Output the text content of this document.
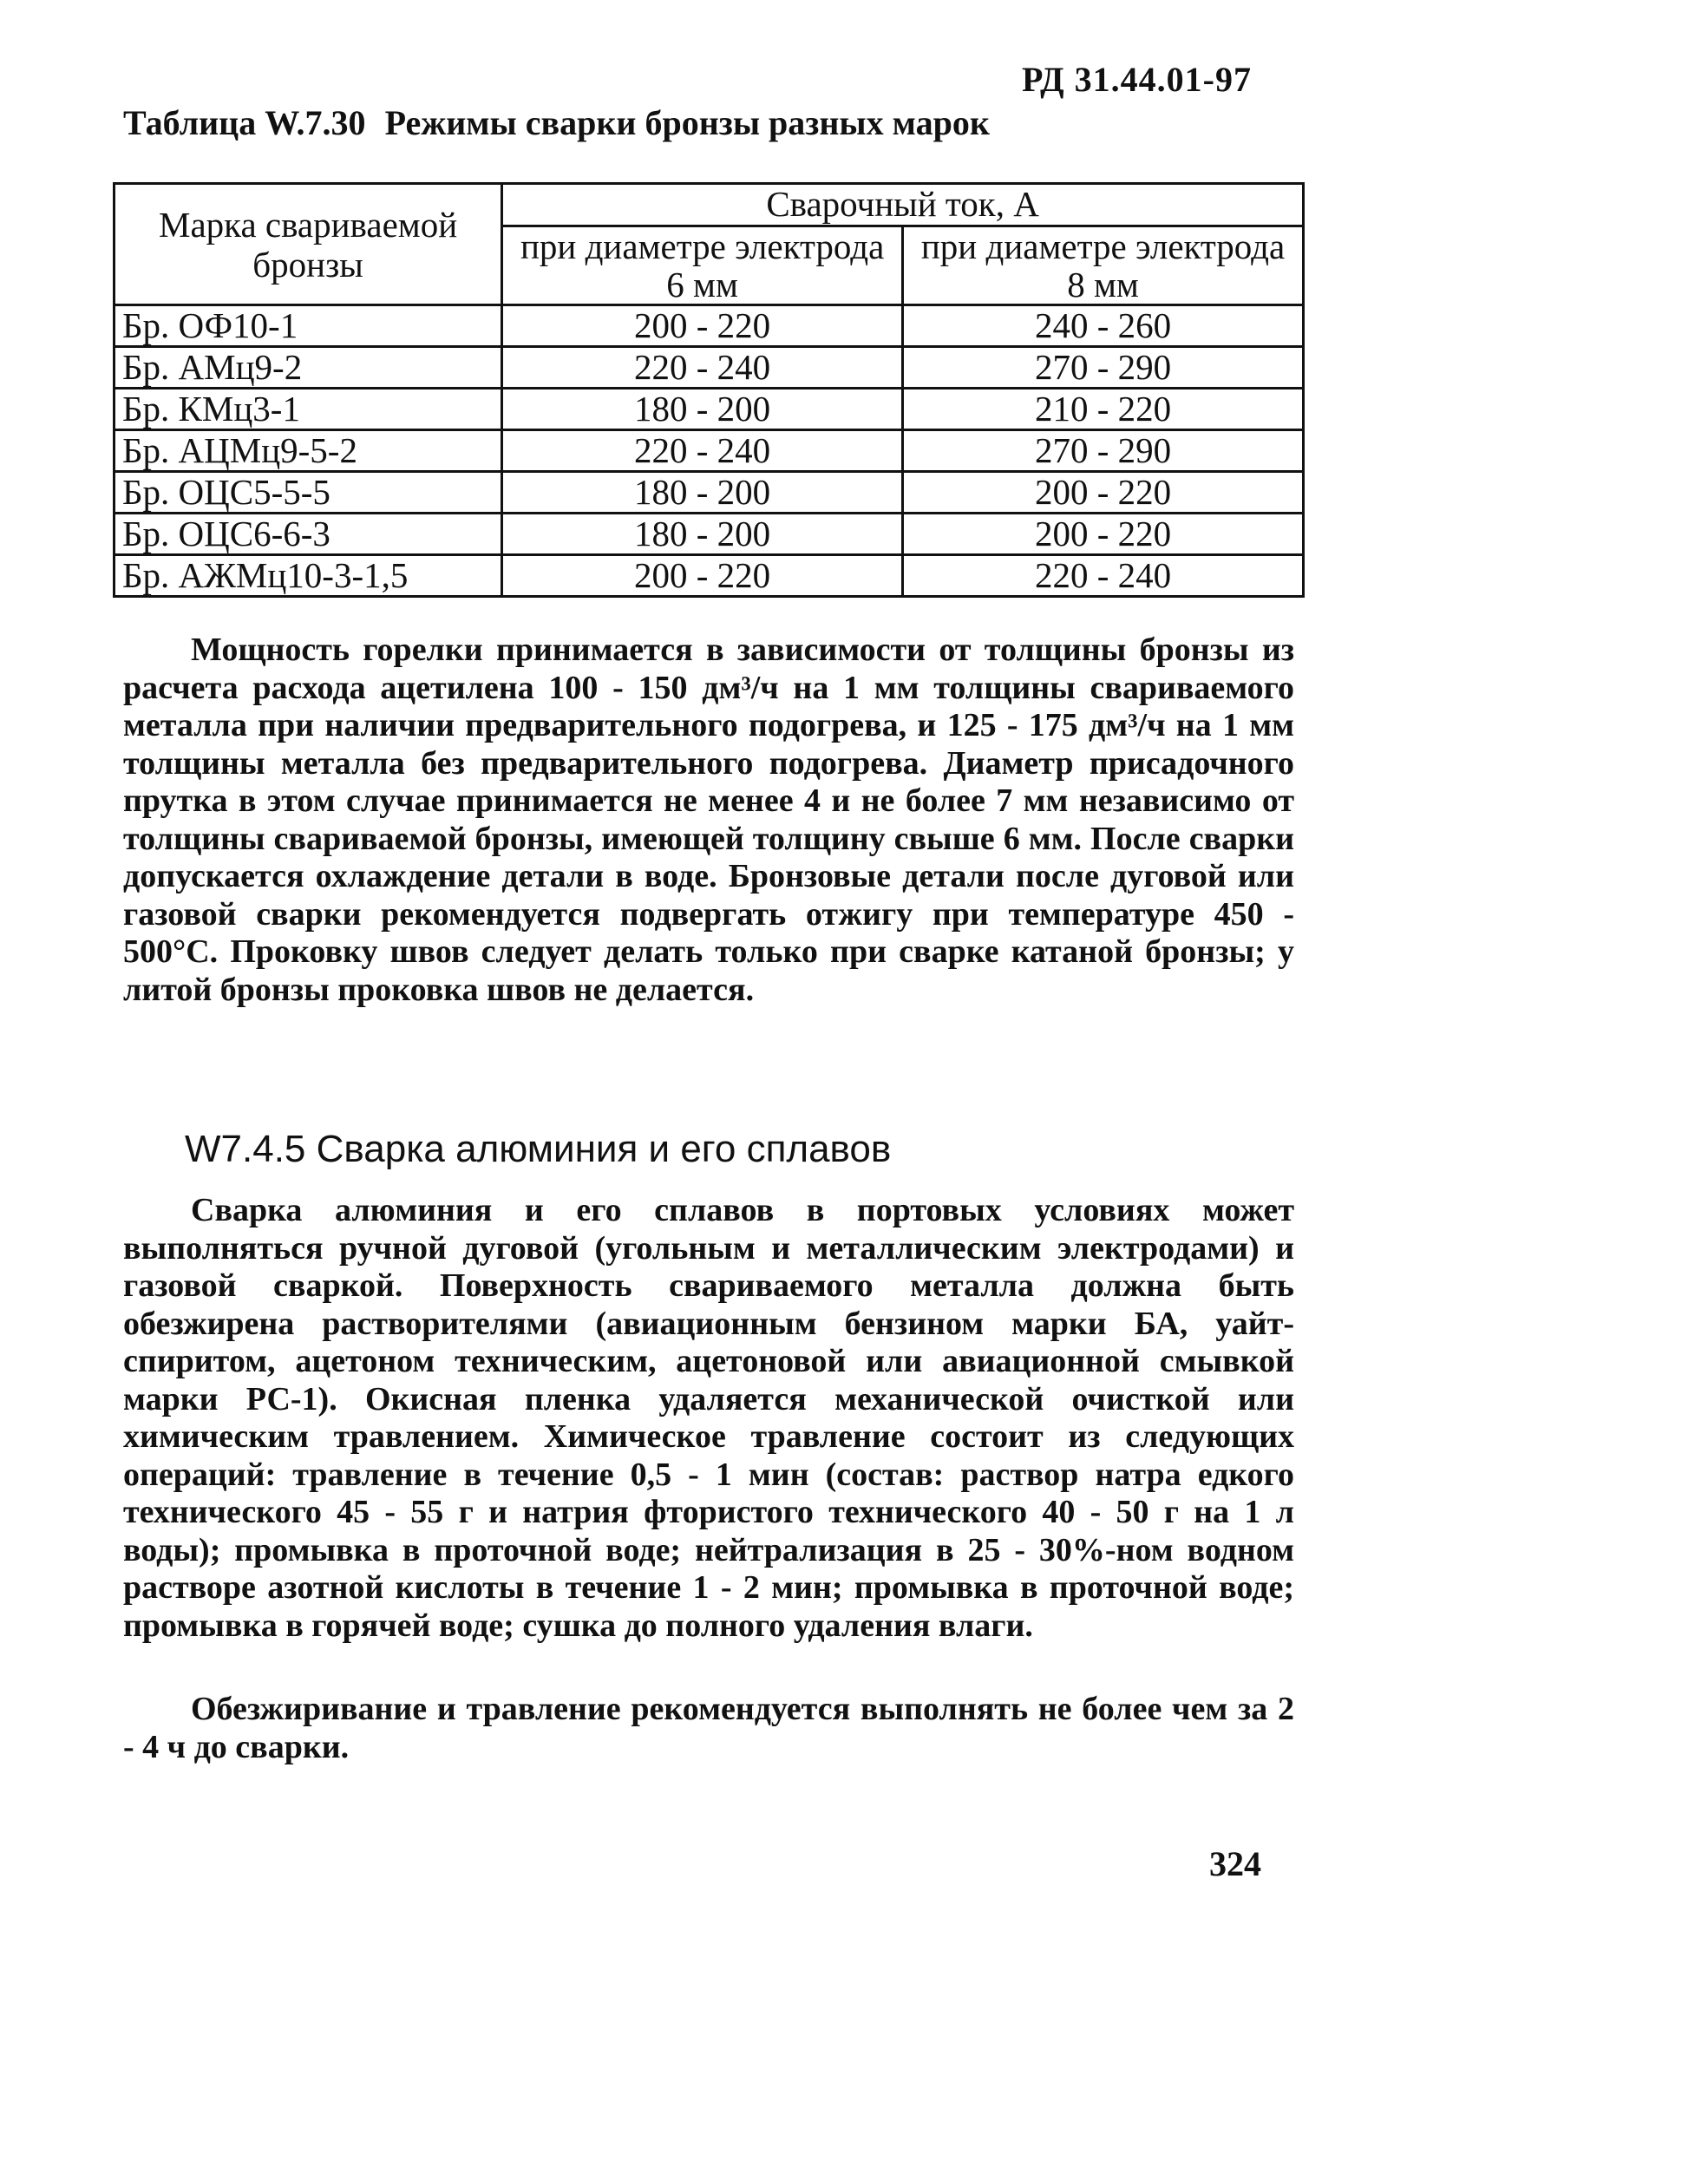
РД 31.44.01-97
Таблица W.7.30 Режимы сварки бронзы разных марок
Марка свариваемой бронзы	Сварочный ток, А	
	при диаметре электрода 6 мм	при диаметре электрода 8 мм
Бр. ОФ10-1	200 - 220	240 - 260
Бр. АМц9-2	220 - 240	270 - 290
Бр. КМц3-1	180 - 200	210 - 220
Бр. АЦМц9-5-2	220 - 240	270 - 290
Бр. ОЦС5-5-5	180 - 200	200 - 220
Бр. ОЦС6-6-3	180 - 200	200 - 220
Бр. АЖМц10-3-1,5	200 - 220	220 - 240

Мощность горелки принимается в зависимости от толщины бронзы из расчета расхода ацетилена 100 - 150 дм³/ч на 1 мм толщины свариваемого металла при наличии предварительного подогрева, и 125 - 175 дм³/ч на 1 мм толщины металла без предварительного подогрева. Диаметр присадочного прутка в этом случае принимается не менее 4 и не более 7 мм независимо от толщины свариваемой бронзы, имеющей толщину свыше 6 мм. После сварки допускается охлаждение детали в воде. Бронзовые детали после дуговой или газовой сварки рекомендуется подвергать отжигу при температуре 450 - 500°С. Проковку швов следует делать только при сварке катаной бронзы; у литой бронзы проковка швов не делается.

W7.4.5 Сварка алюминия и его сплавов

Сварка алюминия и его сплавов в портовых условиях может выполняться ручной дуговой (угольным и металлическим электродами) и газовой сваркой. Поверхность свариваемого металла должна быть обезжирена растворителями (авиационным бензином марки БА, уайт-спиритом, ацетоном техническим, ацетоновой или авиационной смывкой марки РС-1). Окисная пленка удаляется механической очисткой или химическим травлением. Химическое травление состоит из следующих операций: травление в течение 0,5 - 1 мин (состав: раствор натра едкого технического 45 - 55 г и натрия фтористого технического 40 - 50 г на 1 л воды); промывка в проточной воде; нейтрализация в 25 - 30%-ном водном растворе азотной кислоты в течение 1 - 2 мин; промывка в проточной воде; промывка в горячей воде; сушка до полного удаления влаги.

Обезжиривание и травление рекомендуется выполнять не более чем за 2 - 4 ч до сварки.

324
